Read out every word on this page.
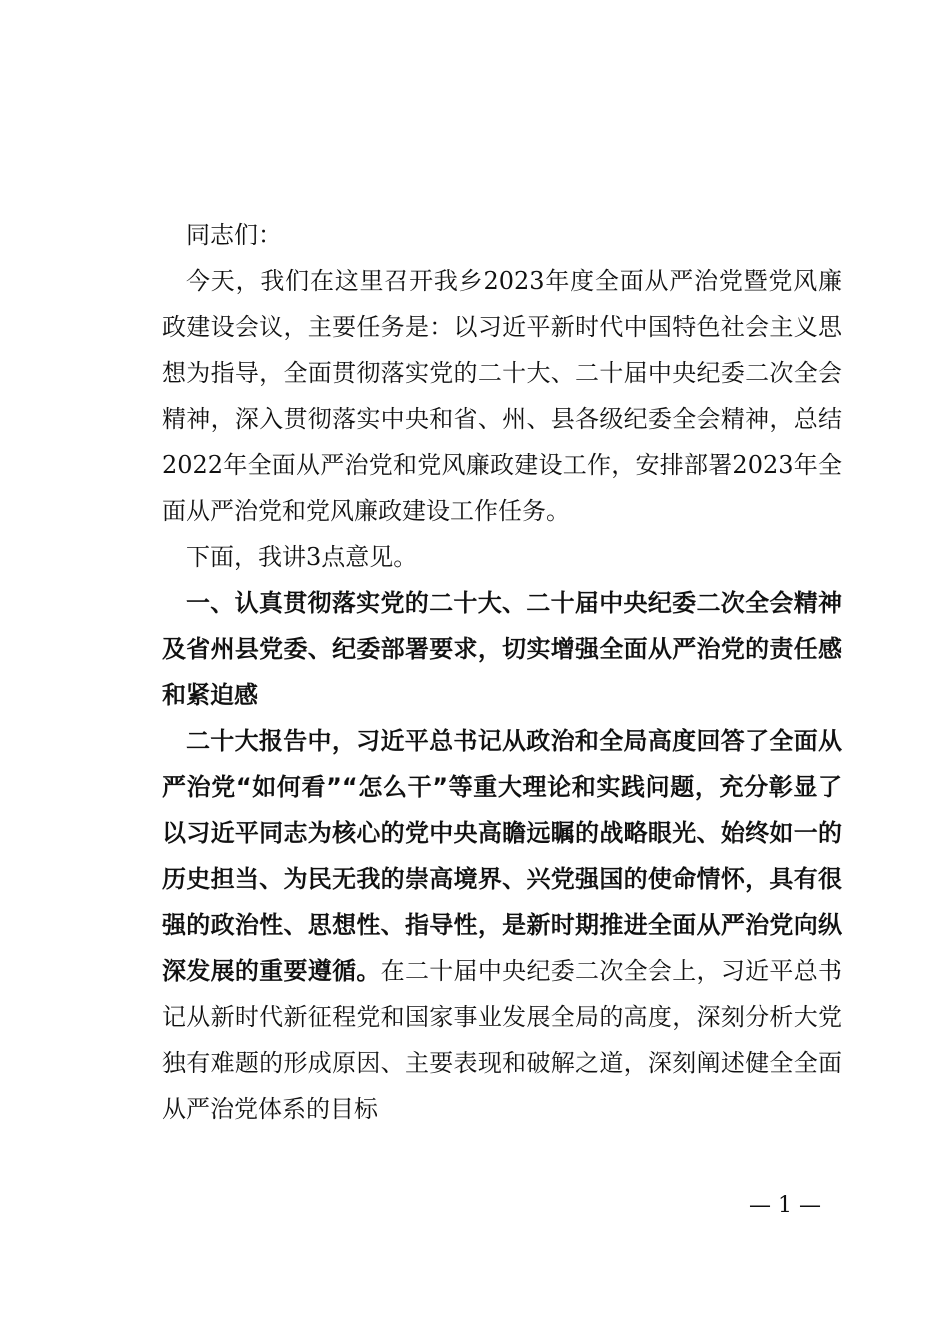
同志们：

今天，我们在这里召开我乡2023年度全面从严治党暨党风廉政建设会议，主要任务是：以习近平新时代中国特色社会主义思想为指导，全面贯彻落实党的二十大、二十届中央纪委二次全会精神，深入贯彻落实中央和省、州、县各级纪委全会精神，总结2022年全面从严治党和党风廉政建设工作，安排部署2023年全面从严治党和党风廉政建设工作任务。

下面，我讲3点意见。

一、认真贯彻落实党的二十大、二十届中央纪委二次全会精神及省州县党委、纪委部署要求，切实增强全面从严治党的责任感和紧迫感

二十大报告中，习近平总书记从政治和全局高度回答了全面从严治党“如何看”“怎么干”等重大理论和实践问题，充分彰显了以习近平同志为核心的党中央高瞻远瞩的战略眼光、始终如一的历史担当、为民无我的崇高境界、兴党强国的使命情怀，具有很强的政治性、思想性、指导性，是新时期推进全面从严治党向纵深发展的重要遵循。在二十届中央纪委二次全会上，习近平总书记从新时代新征程党和国家事业发展全局的高度，深刻分析大党独有难题的形成原因、主要表现和破解之道，深刻阐述健全全面从严治党体系的目标

— 1 —
